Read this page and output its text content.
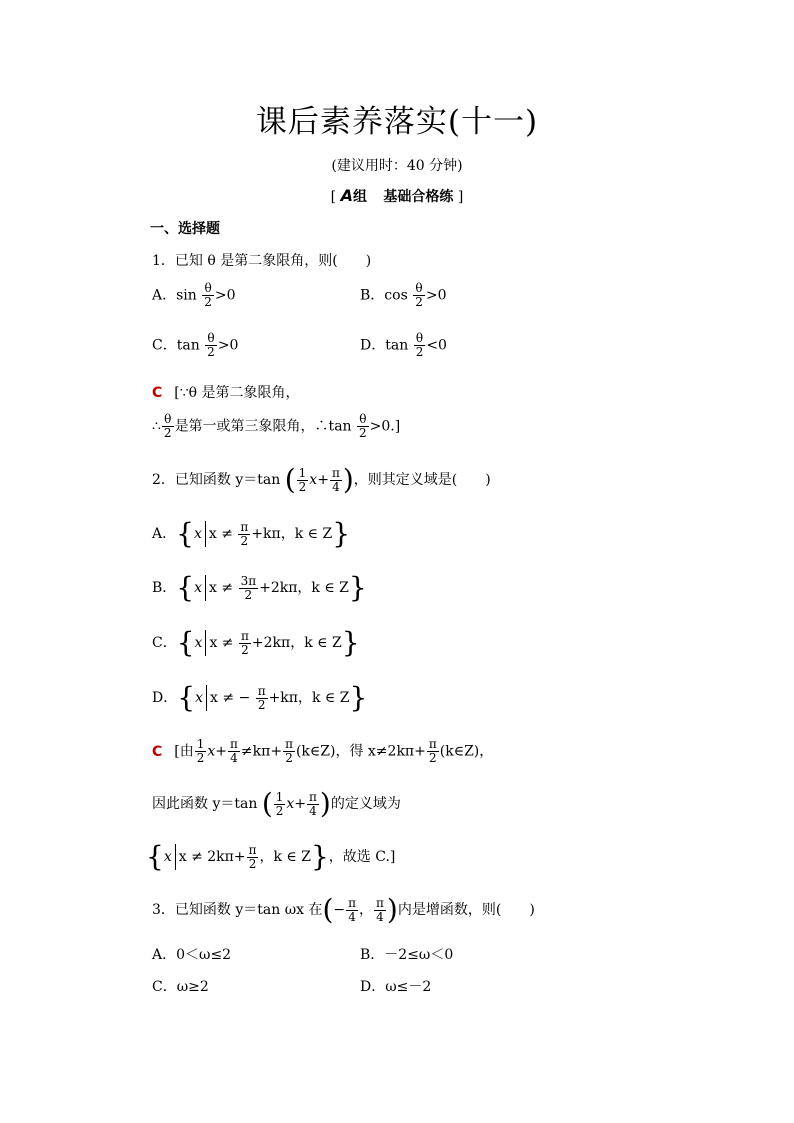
课后素养落实(十一)
(建议用时：40 分钟)
[ A组 基础合格练 ]
一、选择题
1．已知 θ 是第二象限角，则(　　)
A．$\sin \frac{\theta}{2} >0$	B．$\cos \frac{\theta}{2} >0$
C．$\tan \frac{\theta}{2} >0$	D．$\tan \frac{\theta}{2} <0$
C [∵θ 是第二象限角，
∴ $\frac{\theta}{2}$ 是第一或第三象限角，∴tan $\frac{\theta}{2} >0$.]
2．已知函数 y＝tan ( $\frac{1}{2} x+ \frac{\pi}{4}$ )，则其定义域是(　　)
A．{x $x \ne \frac{\pi}{2} +k\pi$，k ∈ Z}
B．{x $x \ne \frac{3\pi}{2} +2k\pi$，k ∈ Z}
C．{x $x \ne \frac{\pi}{2} +2k\pi$，k ∈ Z}
D．{x x ≠ − $\frac{\pi}{2} +k\pi$，k ∈ Z}
C [由 $\frac{1}{2} x+ \frac{\pi}{4} \ne k\pi+ \frac{\pi}{2}$ (k∈Z)，得 $x\ne 2k\pi+ \frac{\pi}{2}$ (k∈Z)，
因此函数 y＝tan ( $\frac{1}{2} x+ \frac{\pi}{4}$ )的定义域为
{x $x \ne 2k\pi+ \frac{\pi}{2}$ ，k ∈ Z}，故选 C.]
3．已知函数 y＝tan ωx 在(− $\frac{\pi}{4}$ ， $\frac{\pi}{4}$ )内是增函数，则(　　)
A．0＜ω≤2	B．－2≤ω＜0
C．ω≥2	D．ω≤－2
